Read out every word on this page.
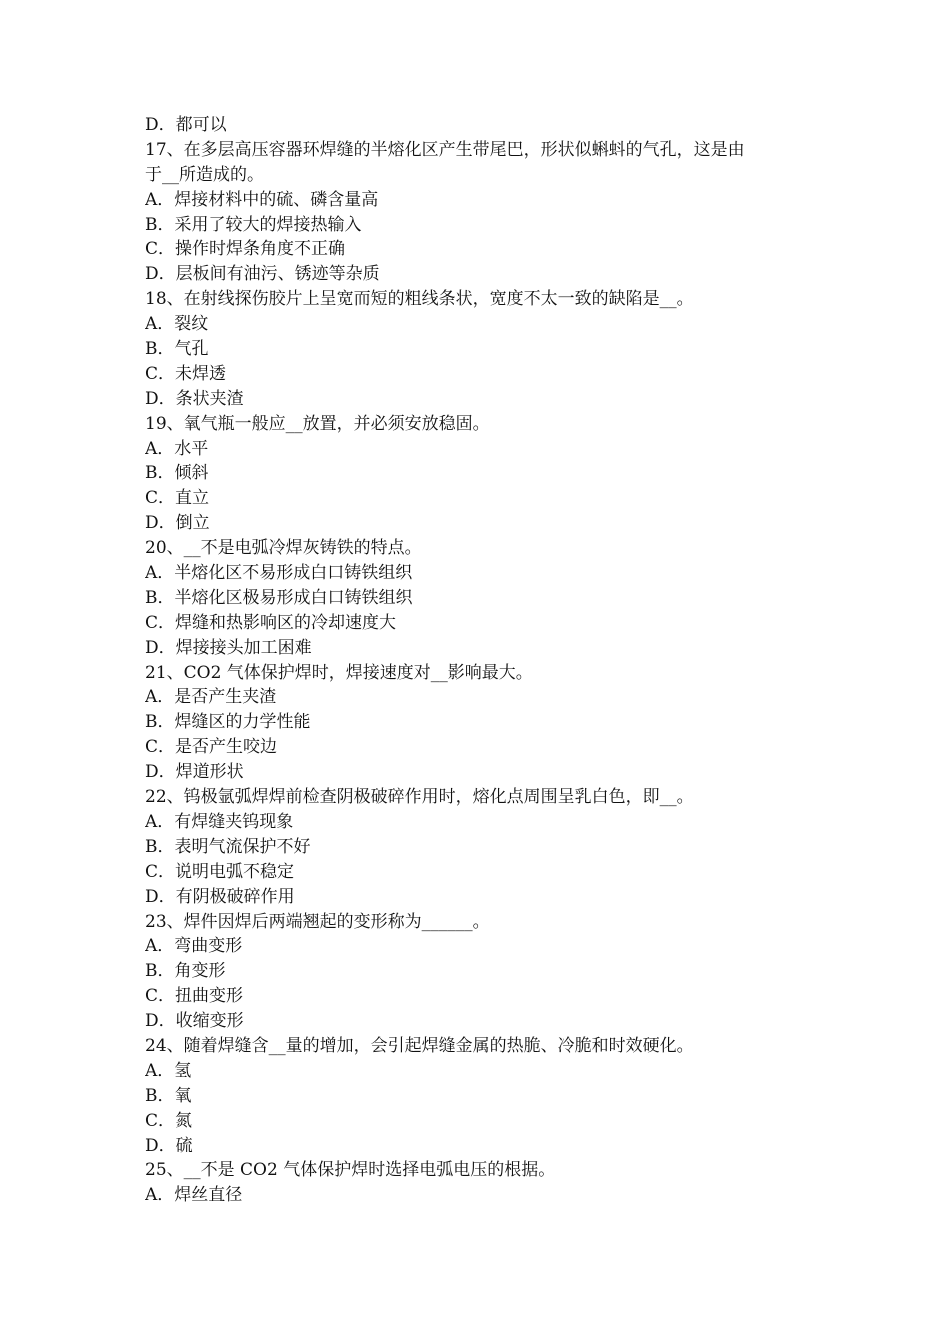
D．都可以
17、在多层高压容器环焊缝的半熔化区产生带尾巴，形状似蝌蚪的气孔，这是由
于__所造成的。
A．焊接材料中的硫、磷含量高
B．采用了较大的焊接热输入
C．操作时焊条角度不正确
D．层板间有油污、锈迹等杂质
18、在射线探伤胶片上呈宽而短的粗线条状，宽度不太一致的缺陷是__。
A．裂纹
B．气孔
C．未焊透
D．条状夹渣
19、氧气瓶一般应__放置，并必须安放稳固。
A．水平
B．倾斜
C．直立
D．倒立
20、__不是电弧冷焊灰铸铁的特点。
A．半熔化区不易形成白口铸铁组织
B．半熔化区极易形成白口铸铁组织
C．焊缝和热影响区的冷却速度大
D．焊接接头加工困难
21、CO2 气体保护焊时，焊接速度对__影响最大。
A．是否产生夹渣
B．焊缝区的力学性能
C．是否产生咬边
D．焊道形状
22、钨极氩弧焊焊前检查阴极破碎作用时，熔化点周围呈乳白色，即__。
A．有焊缝夹钨现象
B．表明气流保护不好
C．说明电弧不稳定
D．有阴极破碎作用
23、焊件因焊后两端翘起的变形称为______。
A．弯曲变形
B．角变形
C．扭曲变形
D．收缩变形
24、随着焊缝含__量的增加，会引起焊缝金属的热脆、冷脆和时效硬化。
A．氢
B．氧
C．氮
D．硫
25、__不是 CO2 气体保护焊时选择电弧电压的根据。
A．焊丝直径
